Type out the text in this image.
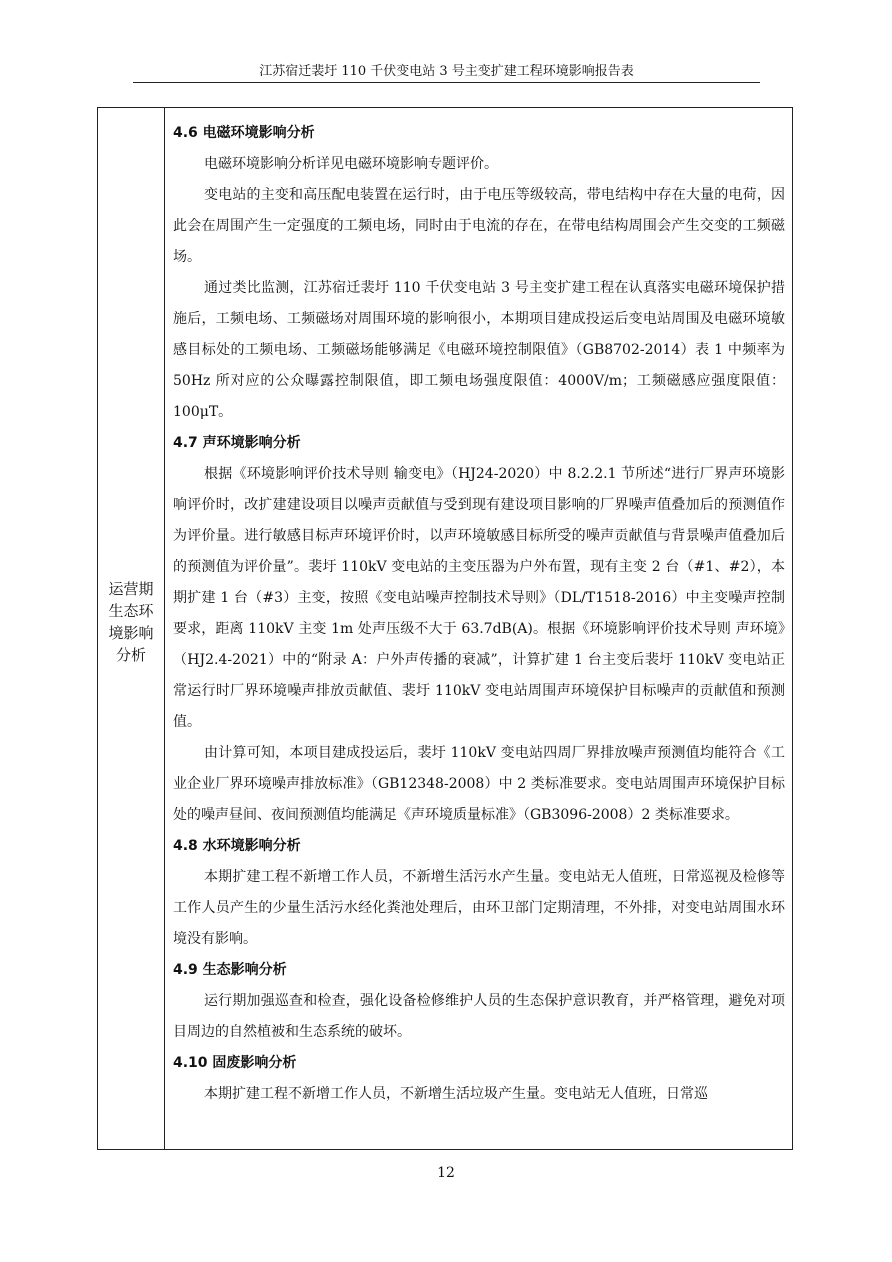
江苏宿迁裴圩 110 千伏变电站 3 号主变扩建工程环境影响报告表
运营期
生态环
境影响
分析
4.6 电磁环境影响分析

电磁环境影响分析详见电磁环境影响专题评价。

变电站的主变和高压配电装置在运行时，由于电压等级较高，带电结构中存在大量的电荷，因此会在周围产生一定强度的工频电场，同时由于电流的存在，在带电结构周围会产生交变的工频磁场。

通过类比监测，江苏宿迁裴圩 110 千伏变电站 3 号主变扩建工程在认真落实电磁环境保护措施后，工频电场、工频磁场对周围环境的影响很小，本期项目建成投运后变电站周围及电磁环境敏感目标处的工频电场、工频磁场能够满足《电磁环境控制限值》（GB8702-2014）表 1 中频率为 50Hz 所对应的公众曝露控制限值，即工频电场强度限值：4000V/m；工频磁感应强度限值：100μT。

4.7 声环境影响分析

根据《环境影响评价技术导则 输变电》（HJ24-2020）中 8.2.2.1 节所述“进行厂界声环境影响评价时，改扩建建设项目以噪声贡献值与受到现有建设项目影响的厂界噪声值叠加后的预测值作为评价量。进行敏感目标声环境评价时，以声环境敏感目标所受的噪声贡献值与背景噪声值叠加后的预测值为评价量”。裴圩 110kV 变电站的主变压器为户外布置，现有主变 2 台（#1、#2），本期扩建 1 台（#3）主变，按照《变电站噪声控制技术导则》（DL/T1518-2016）中主变噪声控制要求，距离 110kV 主变 1m 处声压级不大于 63.7dB(A)。根据《环境影响评价技术导则 声环境》（HJ2.4-2021）中的“附录 A：户外声传播的衰减”，计算扩建 1 台主变后裴圩 110kV 变电站正常运行时厂界环境噪声排放贡献值、裴圩 110kV 变电站周围声环境保护目标噪声的贡献值和预测值。

由计算可知，本项目建成投运后，裴圩 110kV 变电站四周厂界排放噪声预测值均能符合《工业企业厂界环境噪声排放标准》（GB12348-2008）中 2 类标准要求。变电站周围声环境保护目标处的噪声昼间、夜间预测值均能满足《声环境质量标准》（GB3096-2008）2 类标准要求。

4.8 水环境影响分析

本期扩建工程不新增工作人员，不新增生活污水产生量。变电站无人值班，日常巡视及检修等工作人员产生的少量生活污水经化粪池处理后，由环卫部门定期清理，不外排，对变电站周围水环境没有影响。

4.9 生态影响分析

运行期加强巡查和检查，强化设备检修维护人员的生态保护意识教育，并严格管理，避免对项目周边的自然植被和生态系统的破坏。

4.10 固废影响分析

本期扩建工程不新增工作人员，不新增生活垃圾产生量。变电站无人值班，日常巡

12
